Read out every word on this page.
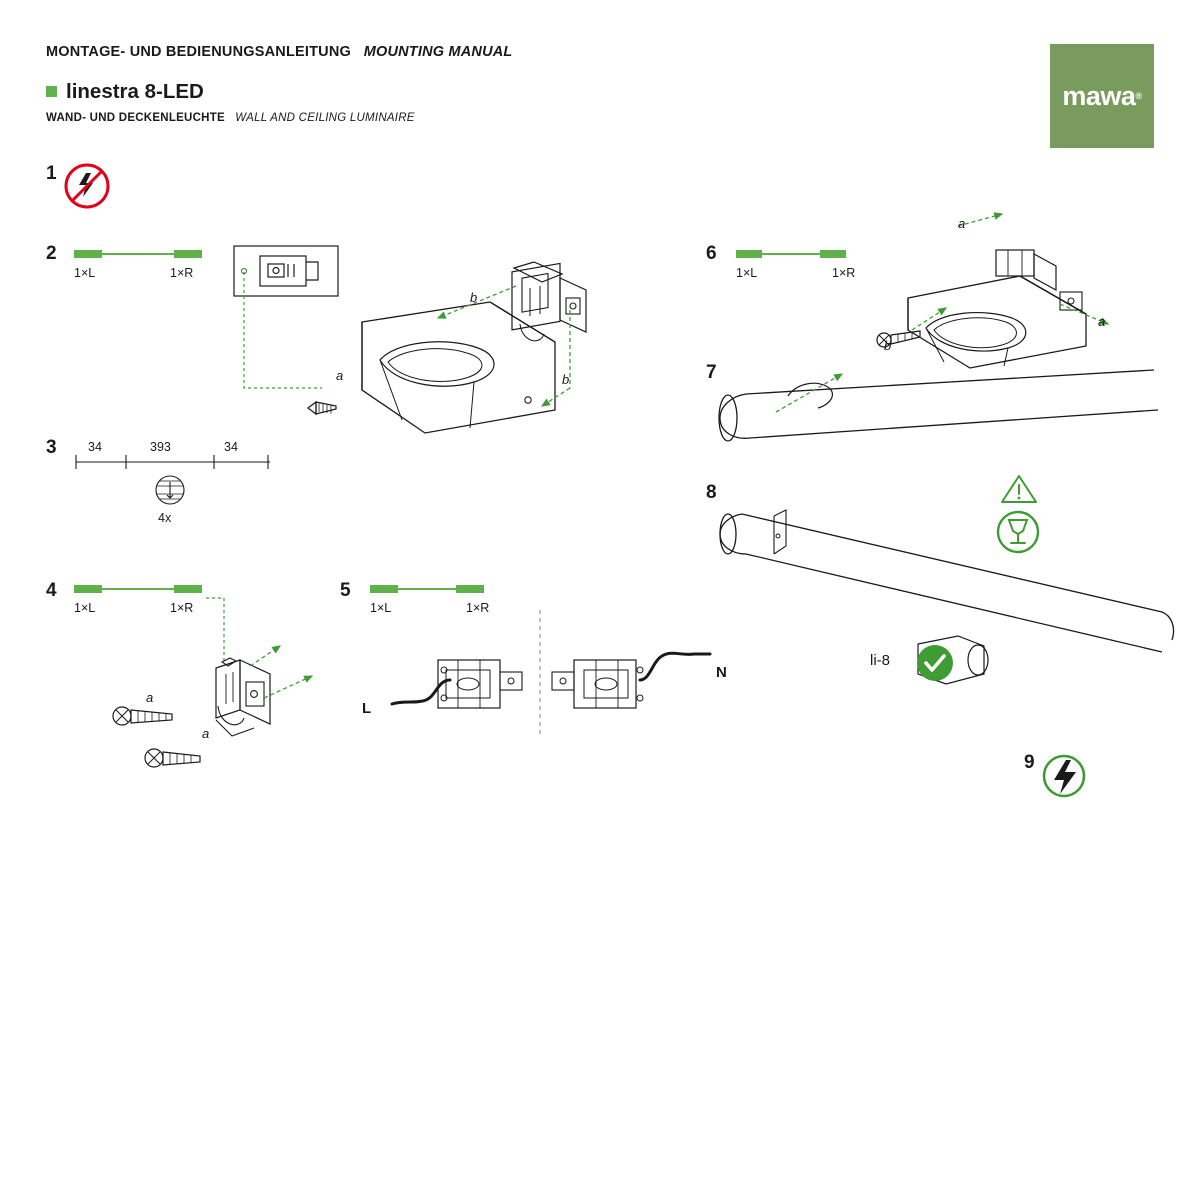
MONTAGE- UND BEDIENUNGSANLEITUNG MOUNTING MANUAL
linestra 8-LED
WAND- UND DECKENLEUCHTE WALL AND CEILING LUMINAIRE
mawa ®
1
2
1×L	1×R
a
b
b
3	34	393	34
4x
4
1×L	1×R
a
a
5
1×L	1×R
L
N
6
1×L	1×R
a
a
b
7
8
li-8
9
